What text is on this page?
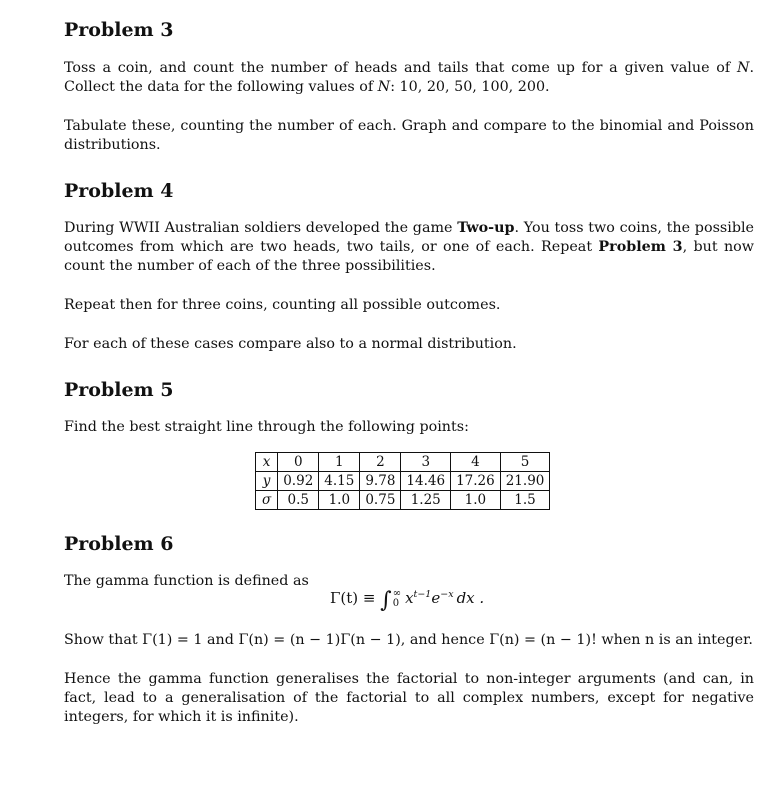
Problem 3

Toss a coin, and count the number of heads and tails that come up for a given value of N. Collect the data for the following values of N: 10, 20, 50, 100, 200.

Tabulate these, counting the number of each. Graph and compare to the binomial and Poisson distributions.

Problem 4

During WWII Australian soldiers developed the game Two-up. You toss two coins, the possible outcomes from which are two heads, two tails, or one of each. Repeat Problem 3, but now count the number of each of the three possibilities.

Repeat then for three coins, counting all possible outcomes.

For each of these cases compare also to a normal distribution.

Problem 5

Find the best straight line through the following points:

x	0	1	2	3	4	5
y	0.92	4.15	9.78	14.46	17.26	21.90
σ	0.5	1.0	0.75	1.25	1.0	1.5
Problem 6

The gamma function is defined as

Γ(t) ≡ ∫ ∞
0 $x^{t-1}e^{-x}$ dx .

Show that Γ(1) = 1 and Γ(n) = (n − 1)Γ(n − 1), and hence Γ(n) = (n − 1)! when n is an integer.

Hence the gamma function generalises the factorial to non-integer arguments (and can, in fact, lead to a generalisation of the factorial to all complex numbers, except for negative integers, for which it is infinite).
